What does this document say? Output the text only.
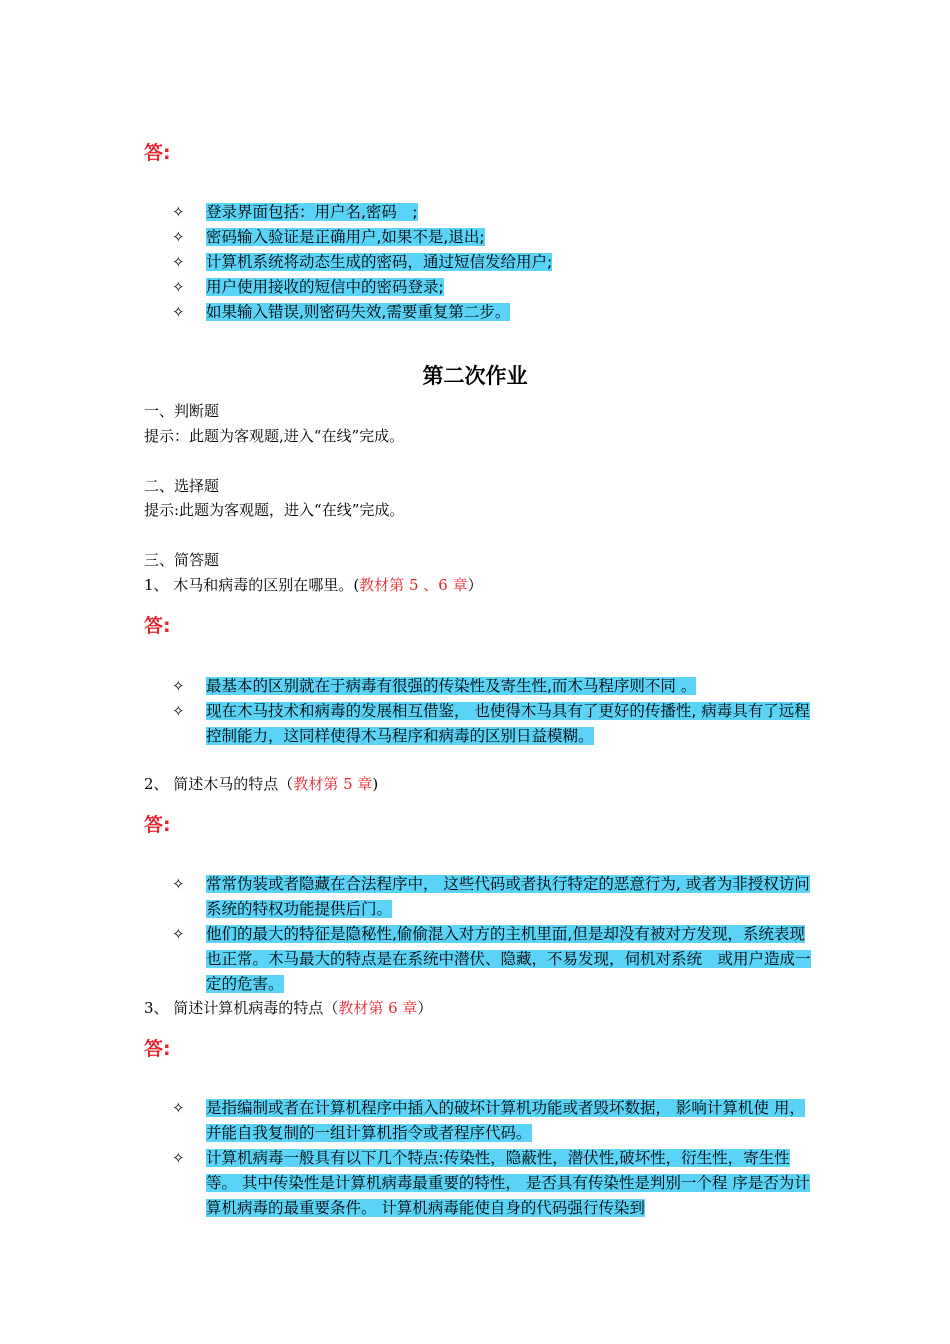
答:
✧ 登录界面包括：用户名,密码　;
✧ 密码输入验证是正确用户,如果不是,退出;
✧ 计算机系统将动态生成的密码，通过短信发给用户;
✧ 用户使用接收的短信中的密码登录;
✧ 如果输入错误,则密码失效,需要重复第二步。
第二次作业
一、判断题
提示：此题为客观题,进入“在线”完成。
二、选择题
提示:此题为客观题，进入“在线”完成。
三、简答题
1、 木马和病毒的区别在哪里。(教材第 5 、6 章）
答:
✧ 最基本的区别就在于病毒有很强的传染性及寄生性,而木马程序则不同 。
✧ 现在木马技术和病毒的发展相互借鉴， 也使得木马具有了更好的传播性, 病毒具有了远程控制能力，这同样使得木马程序和病毒的区别日益模糊。
2、 简述木马的特点（教材第 5 章)
答:
✧ 常常伪装或者隐藏在合法程序中， 这些代码或者执行特定的恶意行为, 或者为非授权访问系统的特权功能提供后门。
✧ 他们的最大的特征是隐秘性,偷偷混入对方的主机里面,但是却没有被对方发现，系统表现也正常。木马最大的特点是在系统中潜伏、隐藏，不易发现，伺机对系统　或用户造成一定的危害。
3、 简述计算机病毒的特点（教材第 6 章）
答:
✧ 是指编制或者在计算机程序中插入的破坏计算机功能或者毁坏数据， 影响计算机使 用，并能自我复制的一组计算机指令或者程序代码。
✧ 计算机病毒一般具有以下几个特点:传染性，隐蔽性，潜伏性,破坏性，衍生性，寄生性等。 其中传染性是计算机病毒最重要的特性， 是否具有传染性是判别一个程 序是否为计算机病毒的最重要条件。 计算机病毒能使自身的代码强行传染到
